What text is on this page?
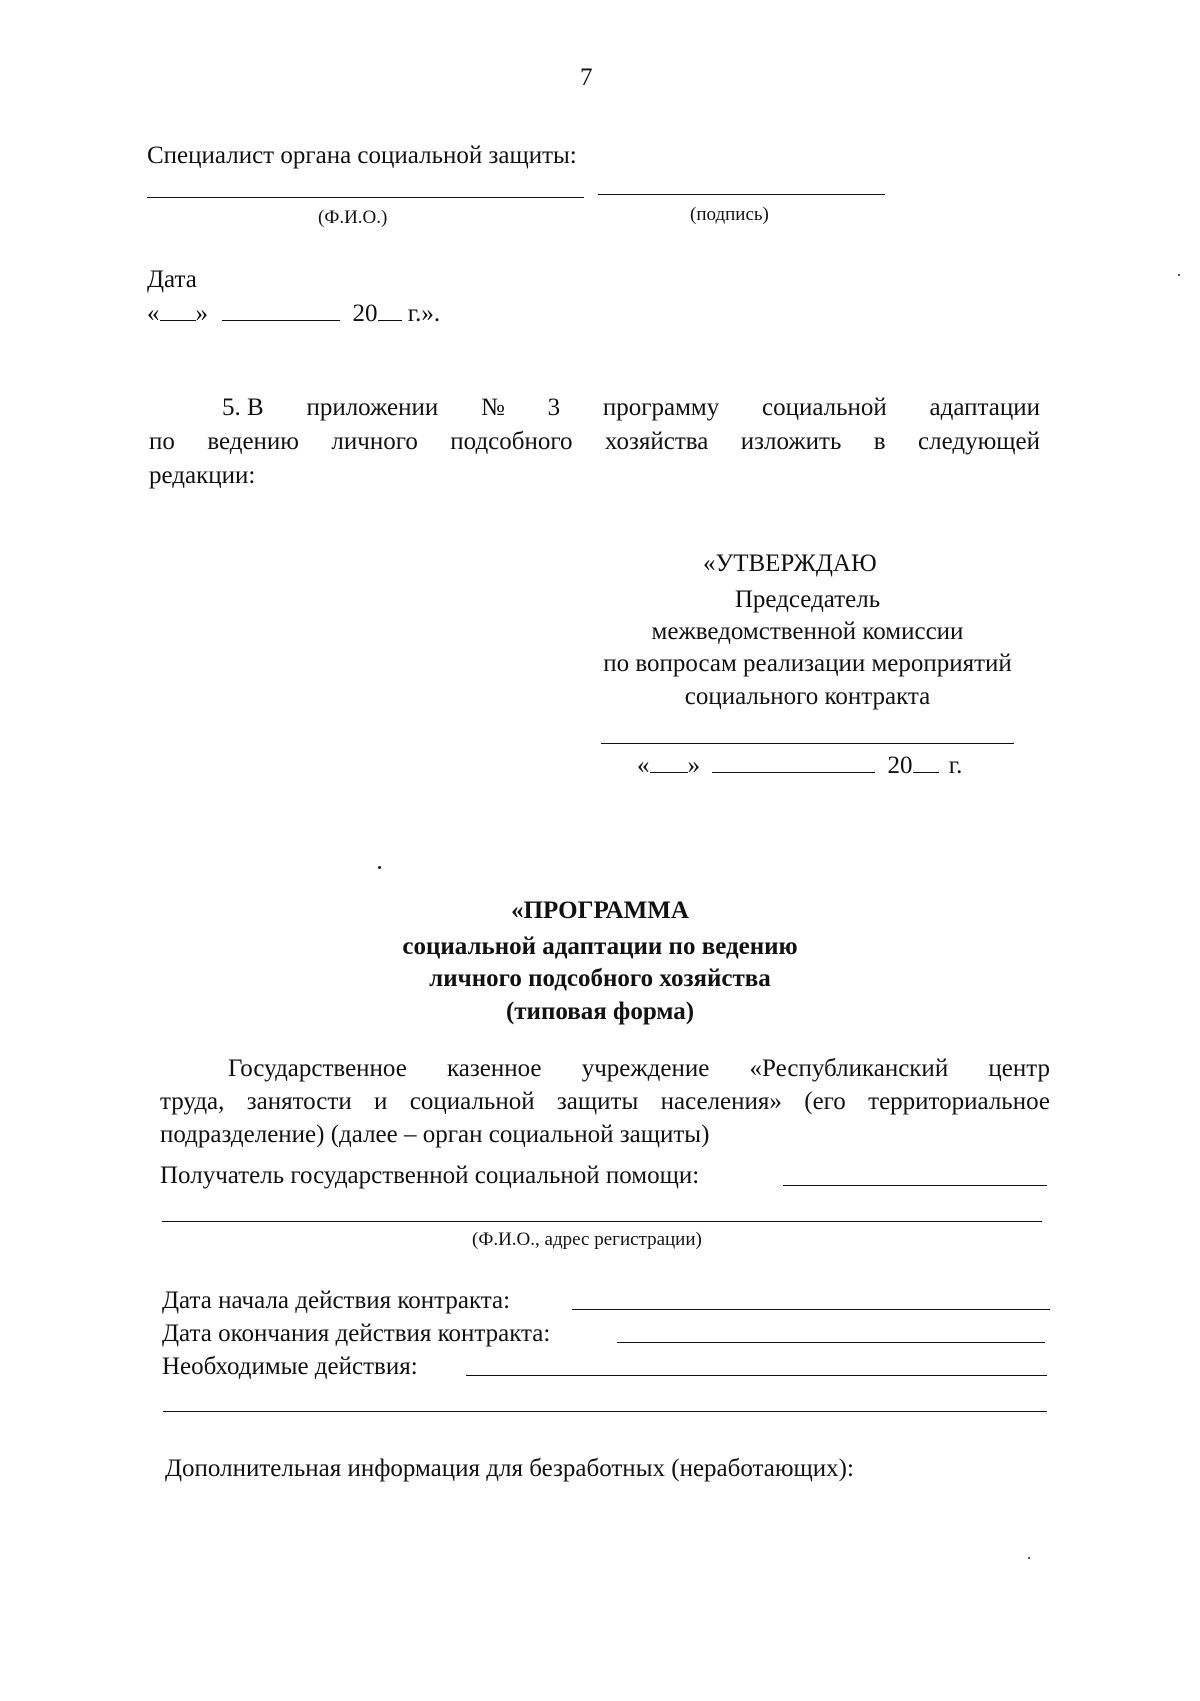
7
Специалист органа социальной защиты:
(Ф.И.О.)	(подпись)
Дата
« »	20 г.».
5. В приложении № 3 программу социальной адаптации
по ведению личного подсобного хозяйства изложить в следующей
редакции:
«УТВЕРЖДАЮ
Председатель
межведомственной комиссии
по вопросам реализации мероприятий
социального контракта
« »	20 г.
«ПРОГРАММА
социальной адаптации по ведению
личного подсобного хозяйства
(типовая форма)
Государственное казенное учреждение «Республиканский центр
труда, занятости и социальной защиты населения» (его территориальное
подразделение) (далее – орган социальной защиты)
Получатель государственной социальной помощи:
(Ф.И.О., адрес регистрации)
Дата начала действия контракта:
Дата окончания действия контракта:
Необходимые действия:
Дополнительная информация для безработных (неработающих):
